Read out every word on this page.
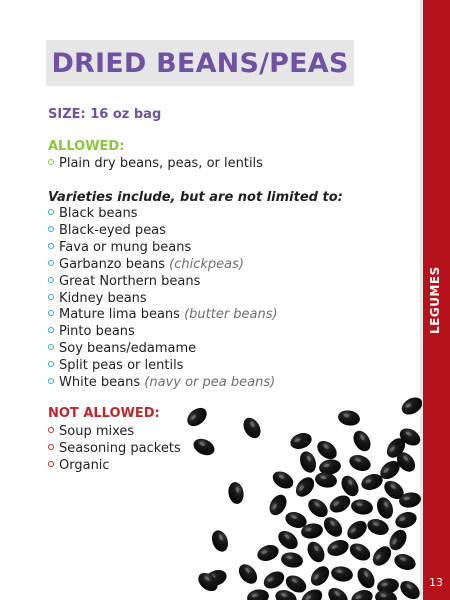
LEGUMES
13
DRIED BEANS/PEAS
SIZE: 16 oz bag
ALLOWED:
Plain dry beans, peas, or lentils
Varieties include, but are not limited to:
Black beans
Black-eyed peas
Fava or mung beans
Garbanzo beans (chickpeas)
Great Northern beans
Kidney beans
Mature lima beans (butter beans)
Pinto beans
Soy beans/edamame
Split peas or lentils
White beans (navy or pea beans)
NOT ALLOWED:
Soup mixes
Seasoning packets
Organic
